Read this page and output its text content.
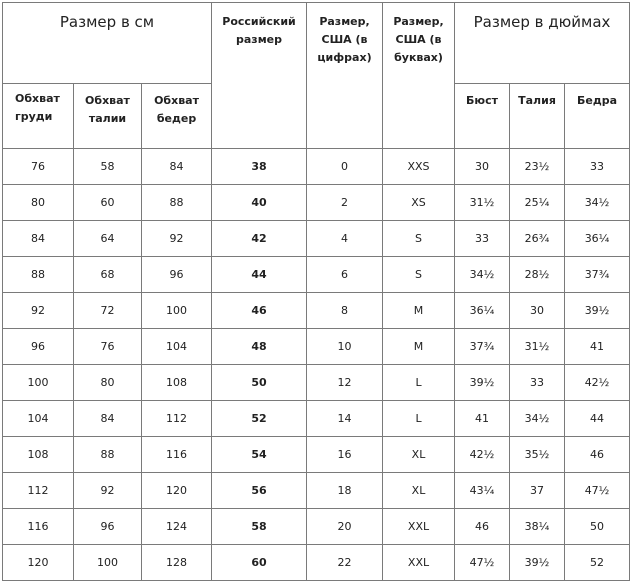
Размер в см			Российский размер	Размер, США (в цифрах)	Размер, США (в буквах)	Размер в дюймах		
Обхват груди	Обхват талии	Обхват бедер				Бюст	Талия	Бедра
76	58	84	38	0	XXS	30	23½	33
80	60	88	40	2	XS	31½	25¼	34½
84	64	92	42	4	S	33	26¾	36¼
88	68	96	44	6	S	34½	28½	37¾
92	72	100	46	8	M	36¼	30	39½
96	76	104	48	10	M	37¾	31½	41
100	80	108	50	12	L	39½	33	42½
104	84	112	52	14	L	41	34½	44
108	88	116	54	16	XL	42½	35½	46
112	92	120	56	18	XL	43¼	37	47½
116	96	124	58	20	XXL	46	38¼	50
120	100	128	60	22	XXL	47½	39½	52
